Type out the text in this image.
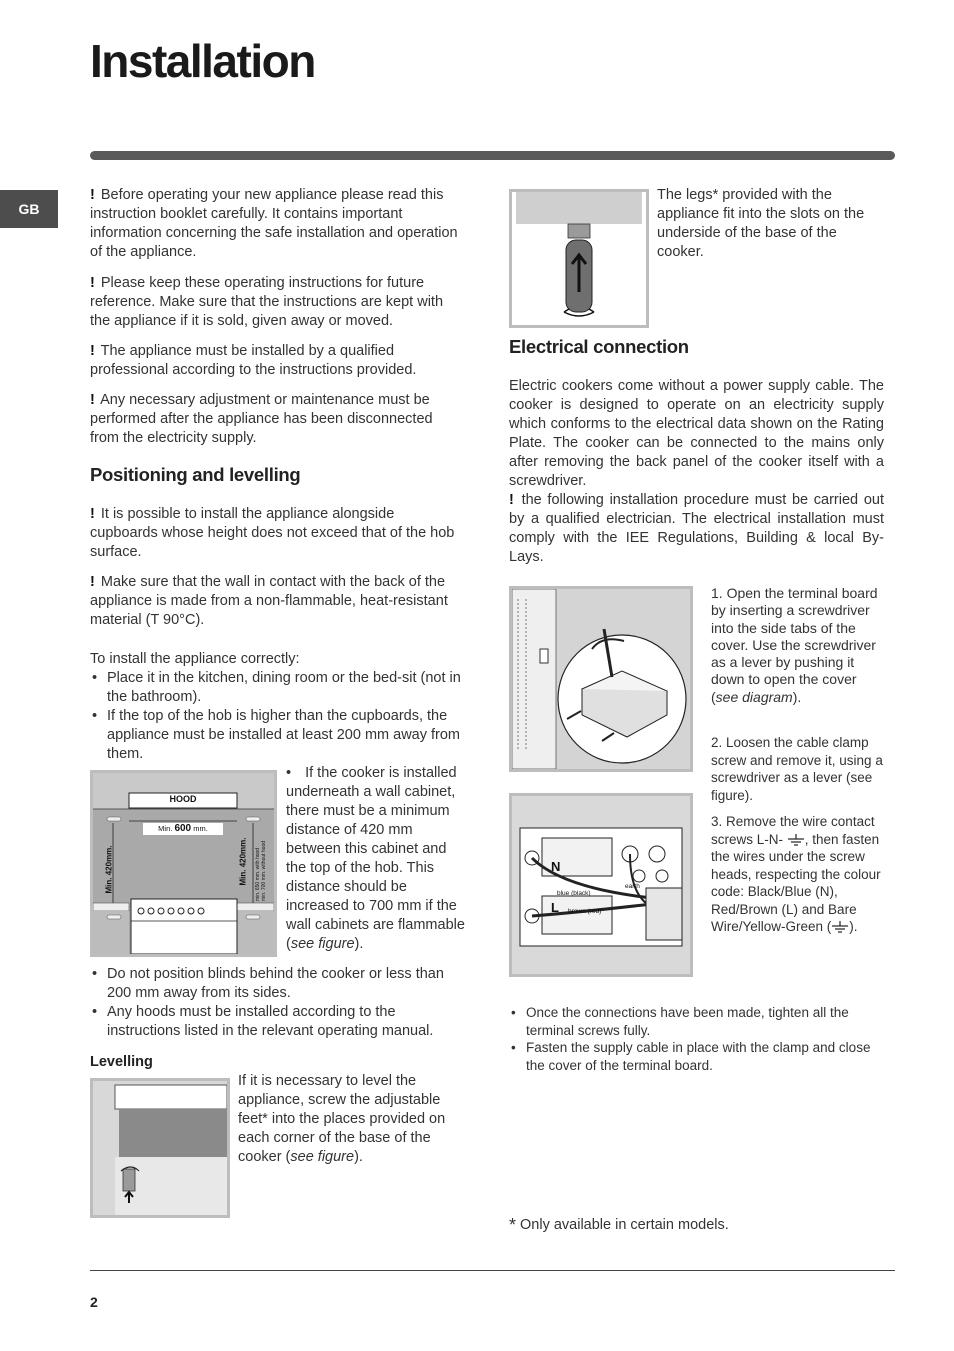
Installation
GB
! Before operating your new appliance please read this instruction booklet carefully. It contains important information concerning the safe installation and operation of the appliance.
! Please keep these operating instructions for future reference. Make sure that the instructions are kept with the appliance if it is sold, given away or moved.
! The appliance must be installed by a qualified professional according to the instructions provided.
! Any necessary adjustment or maintenance must be performed after the appliance has been disconnected from the electricity supply.
Positioning and levelling
! It is possible to install the appliance alongside cupboards whose height does not exceed that of the hob surface.
! Make sure that the wall in contact with the back of the appliance is made from a non-flammable, heat-resistant material (T 90°C).
To install the appliance correctly:
• Place it in the kitchen, dining room or the bed-sit (not in the bathroom).
• If the top of the hob is higher than the cupboards, the appliance must be installed at least 200 mm away from them.
HOOD
Min. 600 mm.
Min. 420mm.	Min. 420mm. min. 650 mm. with hood min. 700 mm. without hood
• If the cooker is installed underneath a wall cabinet, there must be a minimum distance of 420 mm between this cabinet and the top of the hob. This distance should be increased to 700 mm if the wall cabinets are flammable (see figure).
• Do not position blinds behind the cooker or less than 200 mm away from its sides.
• Any hoods must be installed according to the instructions listed in the relevant operating manual.
Levelling
If it is necessary to level the appliance, screw the adjustable feet* into the places provided on each corner of the base of the cooker (see figure).
The legs* provided with the appliance fit into the slots on the underside of the base of the cooker.
Electrical connection
Electric cookers come without a power supply cable. The cooker is designed to operate on an electricity supply which conforms to the electrical data shown on the Rating Plate. The cooker can be connected to the mains only after removing the back panel of the cooker itself with a screwdriver.
! the following installation procedure must be carried out by a qualified electrician. The electrical installation must comply with the IEE Regulations, Building & local By-Lays.
N
L
blue (black)
brown (red)
earth
1. Open the terminal board by inserting a screwdriver into the side tabs of the cover. Use the screwdriver as a lever by pushing it down to open the cover (see diagram).
2. Loosen the cable clamp screw and remove it, using a screwdriver as a lever (see figure).
3. Remove the wire contact screws L-N- , then fasten the wires under the screw heads, respecting the colour code: Black/Blue (N), Red/Brown (L) and Bare Wire/Yellow-Green ( ).
• Once the connections have been made, tighten all the terminal screws fully.
• Fasten the supply cable in place with the clamp and close the cover of the terminal board.
* Only available in certain models.
2
